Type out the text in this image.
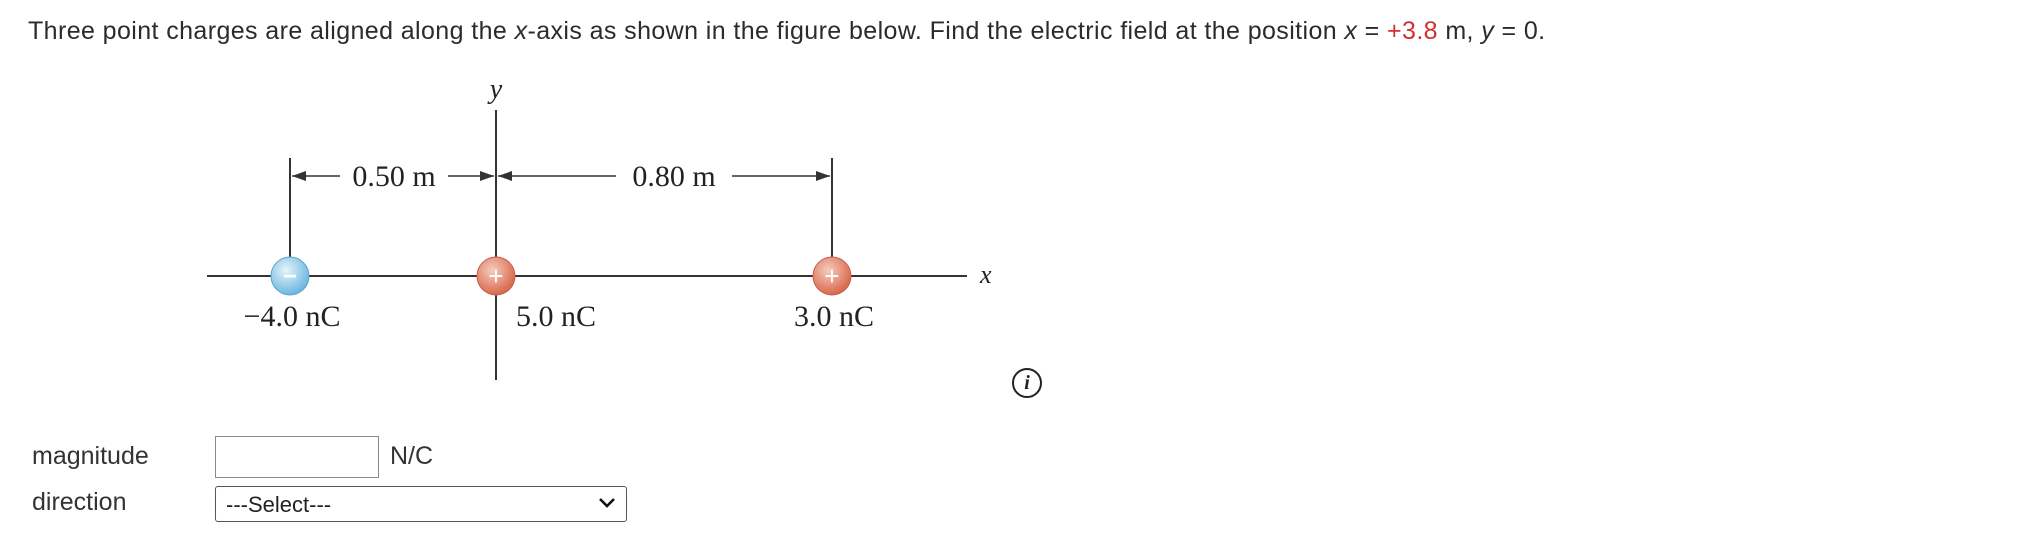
Three point charges are aligned along the x-axis as shown in the figure below. Find the electric field at the position x = +3.8 m, y = 0.
y
x
0.50 m	0.80 m
−	+	+
−4.0 nC	5.0 nC	3.0 nC
i
magnitude	N/C
direction	---Select---
